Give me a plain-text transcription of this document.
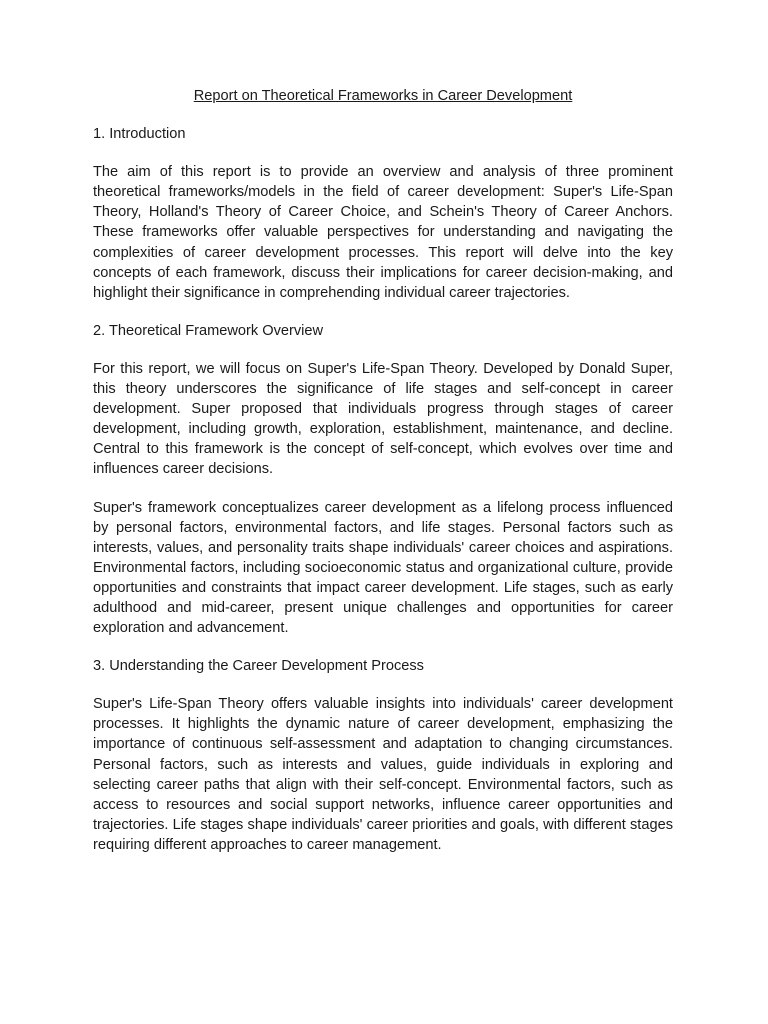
Report on Theoretical Frameworks in Career Development
1. Introduction

The aim of this report is to provide an overview and analysis of three prominent theoretical frameworks/models in the field of career development: Super's Life-Span Theory, Holland's Theory of Career Choice, and Schein's Theory of Career Anchors. These frameworks offer valuable perspectives for understanding and navigating the complexities of career development processes. This report will delve into the key concepts of each framework, discuss their implications for career decision-making, and highlight their significance in comprehending individual career trajectories.

2. Theoretical Framework Overview

For this report, we will focus on Super's Life-Span Theory. Developed by Donald Super, this theory underscores the significance of life stages and self-concept in career development. Super proposed that individuals progress through stages of career development, including growth, exploration, establishment, maintenance, and decline. Central to this framework is the concept of self-concept, which evolves over time and influences career decisions.

Super's framework conceptualizes career development as a lifelong process influenced by personal factors, environmental factors, and life stages. Personal factors such as interests, values, and personality traits shape individuals' career choices and aspirations. Environmental factors, including socioeconomic status and organizational culture, provide opportunities and constraints that impact career development. Life stages, such as early adulthood and mid-career, present unique challenges and opportunities for career exploration and advancement.

3. Understanding the Career Development Process

Super's Life-Span Theory offers valuable insights into individuals' career development processes. It highlights the dynamic nature of career development, emphasizing the importance of continuous self-assessment and adaptation to changing circumstances. Personal factors, such as interests and values, guide individuals in exploring and selecting career paths that align with their self-concept. Environmental factors, such as access to resources and social support networks, influence career opportunities and trajectories. Life stages shape individuals' career priorities and goals, with different stages requiring different approaches to career management.
